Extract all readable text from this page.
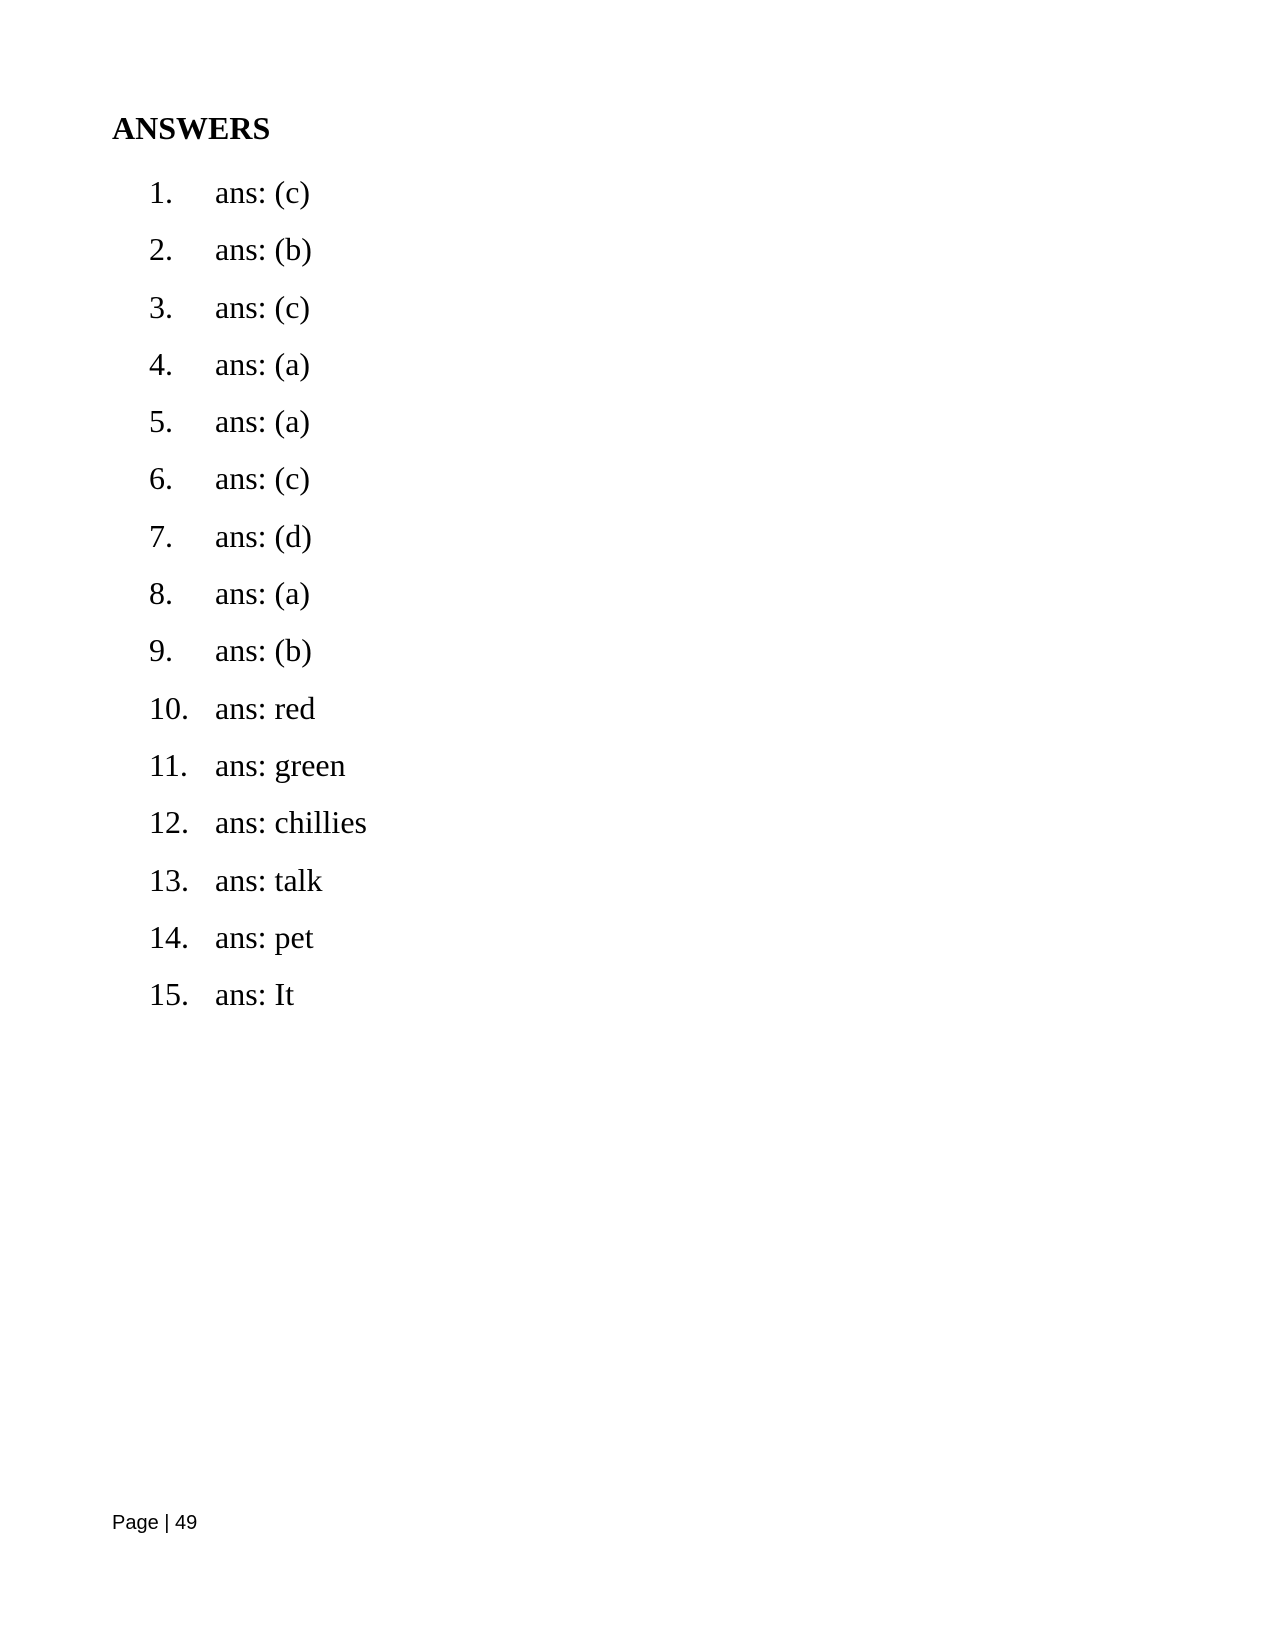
ANSWERS
1. ans: (c)
2. ans: (b)
3. ans: (c)
4. ans: (a)
5. ans: (a)
6. ans: (c)
7. ans: (d)
8. ans: (a)
9. ans: (b)
10. ans: red
11. ans: green
12. ans: chillies
13. ans: talk
14. ans: pet
15. ans: It
Page | 49
